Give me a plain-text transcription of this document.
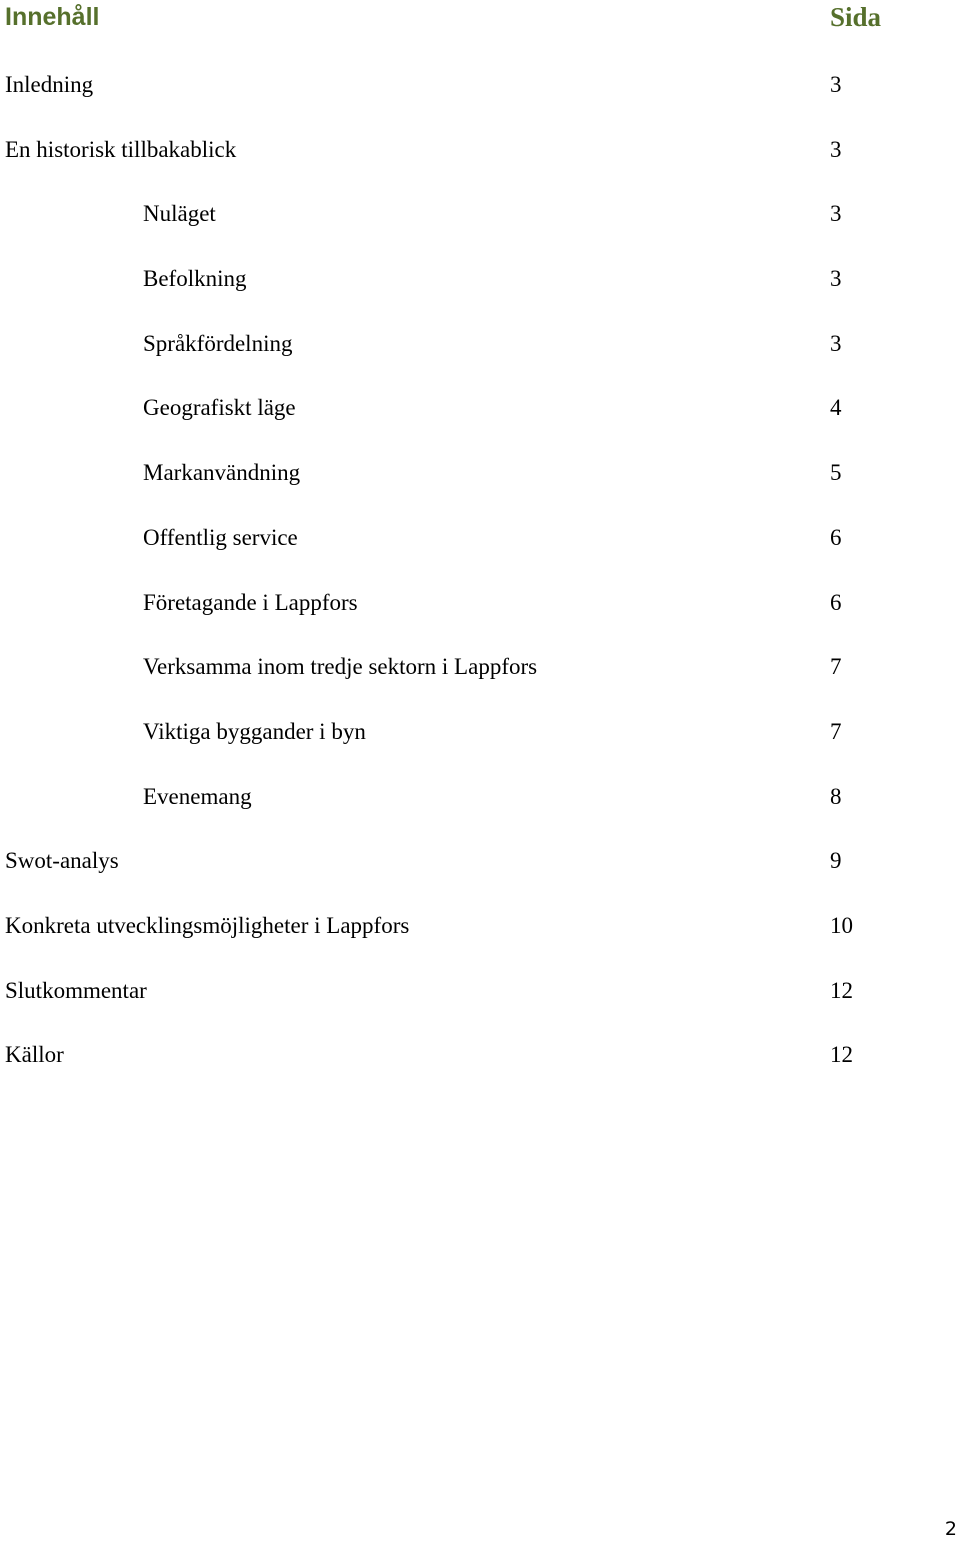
Innehåll	Sida
Inledning	3
En historisk tillbakablick	3
Nuläget	3
Befolkning	3
Språkfördelning	3
Geografiskt läge	4
Markanvändning	5
Offentlig service	6
Företagande i Lappfors	6
Verksamma inom tredje sektorn i Lappfors	7
Viktiga byggander i byn	7
Evenemang	8
Swot-analys	9
Konkreta utvecklingsmöjligheter i Lappfors	10
Slutkommentar	12
Källor	12
2
